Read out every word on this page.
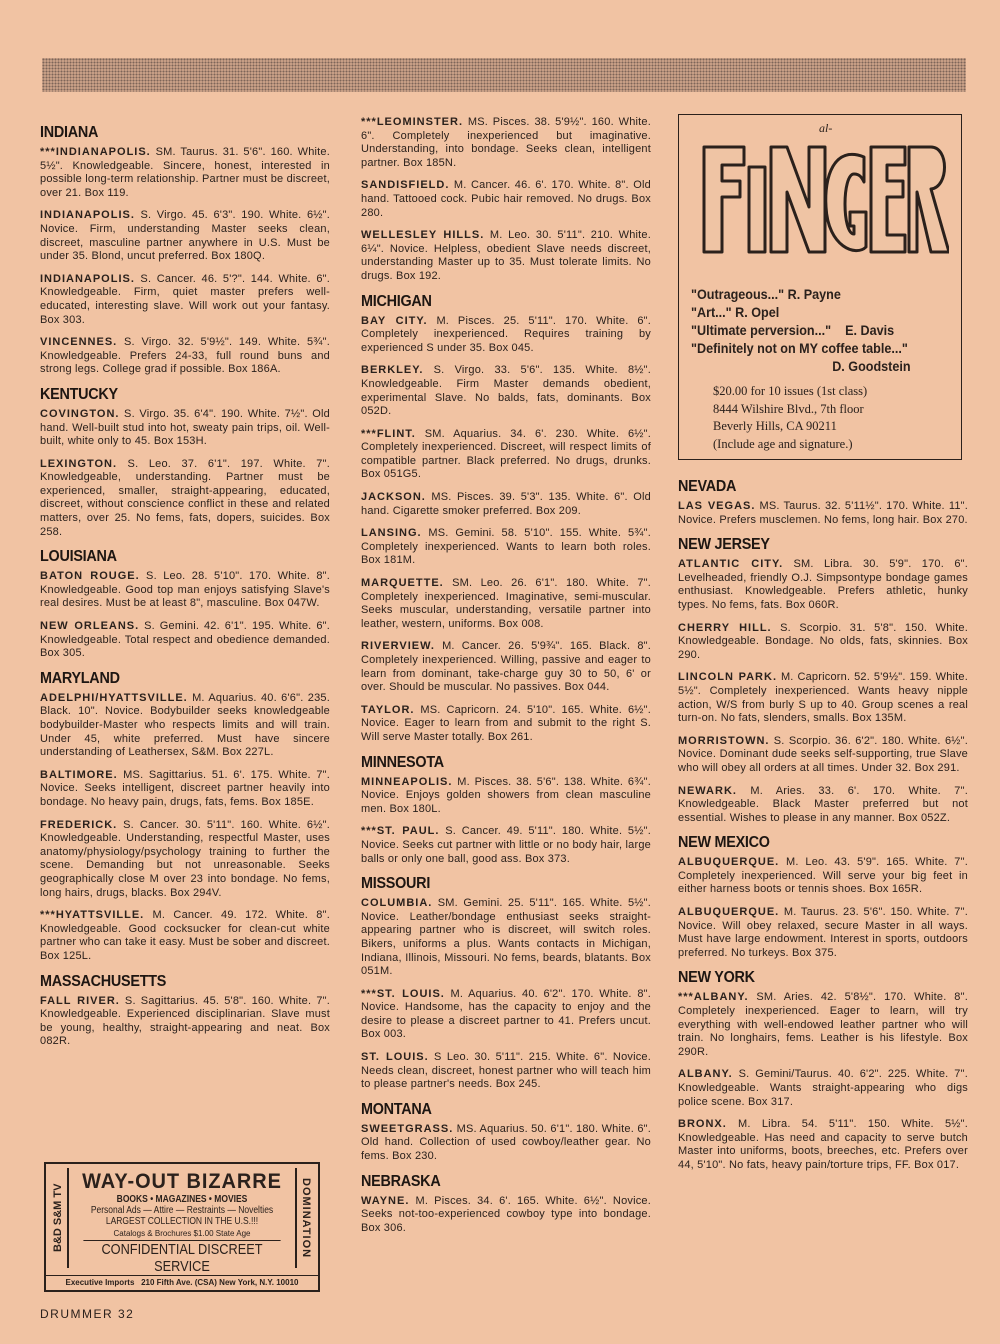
INDIANA
***INDIANAPOLIS. SM. Taurus. 31. 5'6". 160. White. 5½". Knowledgeable. Sincere, honest, interested in possible long-term relationship. Partner must be discreet, over 21. Box 119.
INDIANAPOLIS. S. Virgo. 45. 6'3". 190. White. 6½". Novice. Firm, understanding Master seeks clean, discreet, masculine partner anywhere in U.S. Must be under 35. Blond, uncut preferred. Box 180Q.
INDIANAPOLIS. S. Cancer. 46. 5'?". 144. White. 6". Knowledgeable. Firm, quiet master prefers well-educated, interesting slave. Will work out your fantasy. Box 303.
VINCENNES. S. Virgo. 32. 5'9½". 149. White. 5¾". Knowledgeable. Prefers 24-33, full round buns and strong legs. College grad if possible. Box 186A.
KENTUCKY
COVINGTON. S. Virgo. 35. 6'4". 190. White. 7½". Old hand. Well-built stud into hot, sweaty pain trips, oil. Well-built, white only to 45. Box 153H.
LEXINGTON. S. Leo. 37. 6'1". 197. White. 7". Knowledgeable, understanding. Partner must be experienced, smaller, straight-appearing, educated, discreet, without conscience conflict in these and related matters, over 25. No fems, fats, dopers, suicides. Box 258.
LOUISIANA
BATON ROUGE. S. Leo. 28. 5'10". 170. White. 8". Knowledgeable. Good top man enjoys satisfying Slave's real desires. Must be at least 8", masculine. Box 047W.
NEW ORLEANS. S. Gemini. 42. 6'1". 195. White. 6". Knowledgeable. Total respect and obedience demanded. Box 305.
MARYLAND
ADELPHI/HYATTSVILLE. M. Aquarius. 40. 6'6". 235. Black. 10". Novice. Bodybuilder seeks knowledgeable bodybuilder-Master who respects limits and will train. Under 45, white preferred. Must have sincere understanding of Leathersex, S&M. Box 227L.
BALTIMORE. MS. Sagittarius. 51. 6'. 175. White. 7". Novice. Seeks intelligent, discreet partner heavily into bondage. No heavy pain, drugs, fats, fems. Box 185E.
FREDERICK. S. Cancer. 30. 5'11". 160. White. 6½". Knowledgeable. Understanding, respectful Master, uses anatomy/physiology/psychology training to further the scene. Demanding but not unreasonable. Seeks geographically close M over 23 into bondage. No fems, long hairs, drugs, blacks. Box 294V.
***HYATTSVILLE. M. Cancer. 49. 172. White. 8". Knowledgeable. Good cocksucker for clean-cut white partner who can take it easy. Must be sober and discreet. Box 125L.
MASSACHUSETTS
FALL RIVER. S. Sagittarius. 45. 5'8". 160. White. 7". Knowledgeable. Experienced disciplinarian. Slave must be young, healthy, straight-appearing and neat. Box 082R.
***LEOMINSTER. MS. Pisces. 38. 5'9½". 160. White. 6". Completely inexperienced but imaginative. Understanding, into bondage. Seeks clean, intelligent partner. Box 185N.
SANDISFIELD. M. Cancer. 46. 6'. 170. White. 8". Old hand. Tattooed cock. Pubic hair removed. No drugs. Box 280.
WELLESLEY HILLS. M. Leo. 30. 5'11". 210. White. 6¼". Novice. Helpless, obedient Slave needs discreet, understanding Master up to 35. Must tolerate limits. No drugs. Box 192.
MICHIGAN
BAY CITY. M. Pisces. 25. 5'11". 170. White. 6". Completely inexperienced. Requires training by experienced S under 35. Box 045.
BERKLEY. S. Virgo. 33. 5'6". 135. White. 8½". Knowledgeable. Firm Master demands obedient, experimental Slave. No balds, fats, dominants. Box 052D.
***FLINT. SM. Aquarius. 34. 6'. 230. White. 6½". Completely inexperienced. Discreet, will respect limits of compatible partner. Black preferred. No drugs, drunks. Box 051G5.
JACKSON. MS. Pisces. 39. 5'3". 135. White. 6". Old hand. Cigarette smoker preferred. Box 209.
LANSING. MS. Gemini. 58. 5'10". 155. White. 5¾". Completely inexperienced. Wants to learn both roles. Box 181M.
MARQUETTE. SM. Leo. 26. 6'1". 180. White. 7". Completely inexperienced. Imaginative, semi-muscular. Seeks muscular, understanding, versatile partner into leather, western, uniforms. Box 008.
RIVERVIEW. M. Cancer. 26. 5'9¾". 165. Black. 8". Completely inexperienced. Willing, passive and eager to learn from dominant, take-charge guy 30 to 50, 6' or over. Should be muscular. No passives. Box 044.
TAYLOR. MS. Capricorn. 24. 5'10". 165. White. 6½". Novice. Eager to learn from and submit to the right S. Will serve Master totally. Box 261.
MINNESOTA
MINNEAPOLIS. M. Pisces. 38. 5'6". 138. White. 6¾". Novice. Enjoys golden showers from clean masculine men. Box 180L.
***ST. PAUL. S. Cancer. 49. 5'11". 180. White. 5½". Novice. Seeks cut partner with little or no body hair, large balls or only one ball, good ass. Box 373.
MISSOURI
COLUMBIA. SM. Gemini. 25. 5'11". 165. White. 5½". Novice. Leather/bondage enthusiast seeks straight-appearing partner who is discreet, will switch roles. Bikers, uniforms a plus. Wants contacts in Michigan, Indiana, Illinois, Missouri. No fems, beards, blatants. Box 051M.
***ST. LOUIS. M. Aquarius. 40. 6'2". 170. White. 8". Novice. Handsome, has the capacity to enjoy and the desire to please a discreet partner to 41. Prefers uncut. Box 003.
ST. LOUIS. S Leo. 30. 5'11". 215. White. 6". Novice. Needs clean, discreet, honest partner who will teach him to please partner's needs. Box 245.
MONTANA
SWEETGRASS. MS. Aquarius. 50. 6'1". 180. White. 6". Old hand. Collection of used cowboy/leather gear. No fems. Box 230.
NEBRASKA
WAYNE. M. Pisces. 34. 6'. 165. White. 6½". Novice. Seeks not-too-experienced cowboy type into bondage. Box 306.
NEVADA
LAS VEGAS. MS. Taurus. 32. 5'11½". 170. White. 11". Novice. Prefers musclemen. No fems, long hair. Box 270.
NEW JERSEY
ATLANTIC CITY. SM. Libra. 30. 5'9". 170. 6". Levelheaded, friendly O.J. Simpsontype bondage games enthusiast. Knowledgeable. Prefers athletic, hunky types. No fems, fats. Box 060R.
CHERRY HILL. S. Scorpio. 31. 5'8". 150. White. Knowledgeable. Bondage. No olds, fats, skinnies. Box 290.
LINCOLN PARK. M. Capricorn. 52. 5'9½". 159. White. 5½". Completely inexperienced. Wants heavy nipple action, W/S from burly S up to 40. Group scenes a real turn-on. No fats, slenders, smalls. Box 135M.
MORRISTOWN. S. Scorpio. 36. 6'2". 180. White. 6½". Novice. Dominant dude seeks self-supporting, true Slave who will obey all orders at all times. Under 32. Box 291.
NEWARK. M. Aries. 33. 6'. 170. White. 7". Knowledgeable. Black Master preferred but not essential. Wishes to please in any manner. Box 052Z.
NEW MEXICO
ALBUQUERQUE. M. Leo. 43. 5'9". 165. White. 7". Completely inexperienced. Will serve your big feet in either harness boots or tennis shoes. Box 165R.
ALBUQUERQUE. M. Taurus. 23. 5'6". 150. White. 7". Novice. Will obey relaxed, secure Master in all ways. Must have large endowment. Interest in sports, outdoors preferred. No turkeys. Box 375.
NEW YORK
***ALBANY. SM. Aries. 42. 5'8½". 170. White. 8". Completely inexperienced. Eager to learn, will try everything with well-endowed leather partner who will train. No longhairs, fems. Leather is his lifestyle. Box 290R.
ALBANY. S. Gemini/Taurus. 40. 6'2". 225. White. 7". Knowledgeable. Wants straight-appearing who digs police scene. Box 317.
BRONX. M. Libra. 54. 5'11". 150. White. 5½". Knowledgeable. Has need and capacity to serve butch Master into uniforms, boots, breeches, etc. Prefers over 44, 5'10". No fats, heavy pain/torture trips, FF. Box 017.
al-
"Outrageous..." R. Payne
"Art..." R. Opel
"Ultimate perversion..."    E. Davis
"Definitely not on MY coffee table..."
D. Goodstein
$20.00 for 10 issues (1st class)
8444 Wilshire Blvd., 7th floor
Beverly Hills, CA 90211
(Include age and signature.)
B&D S&M TV	DOMINATION
WAY-OUT BIZARRE
BOOKS • MAGAZINES • MOVIES
Personal Ads — Attire — Restraints — Novelties
LARGEST COLLECTION IN THE U.S.!!!
Catalogs & Brochures $1.00 State Age
CONFIDENTIAL DISCREET SERVICE
Executive Imports   210 Fifth Ave. (CSA) New York, N.Y. 10010
DRUMMER 32
